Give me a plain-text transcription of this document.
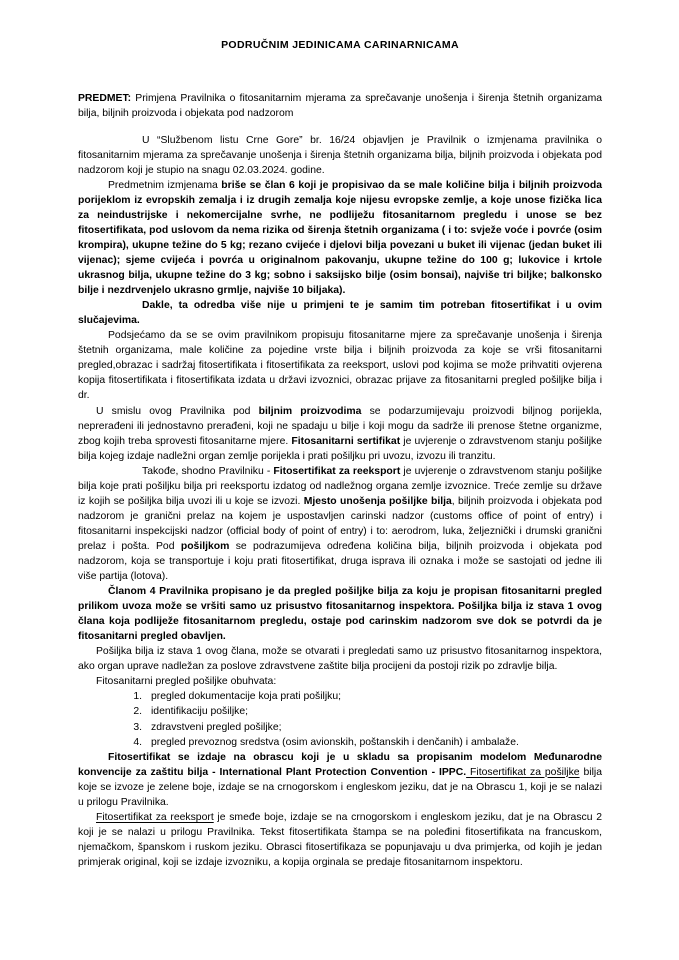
PODRUČNIM JEDINICAMA CARINARNICAMA

PREDMET: Primjena Pravilnika o fitosanitarnim mjerama za sprečavanje unošenja i širenja štetnih organizama bilja, biljnih proizvoda i objekata pod nadzorom

U “Službenom listu Crne Gore” br. 16/24 objavljen je Pravilnik o izmjenama pravilnika o fitosanitarnim mjerama za sprečavanje unošenja i širenja štetnih organizama bilja, biljnih proizvoda i objekata pod nadzorom koji je stupio na snagu 02.03.2024. godine.

Predmetnim izmjenama briše se član 6 koji je propisivao da se male količine bilja i biljnih proizvoda porijeklom iz evropskih zemalja i iz drugih zemalja koje nijesu evropske zemlje, a koje unose fizička lica za neindustrijske i nekomercijalne svrhe, ne podliježu fitosanitarnom pregledu i unose se bez fitosertifikata, pod uslovom da nema rizika od širenja štetnih organizama ( i to: svježe voće i povrće (osim krompira), ukupne težine do 5 kg; rezano cvijeće i djelovi bilja povezani u buket ili vijenac (jedan buket ili vijenac); sjeme cvijeća i povrća u originalnom pakovanju, ukupne težine do 100 g; lukovice i krtole ukrasnog bilja, ukupne težine do 3 kg; sobno i saksijsko bilje (osim bonsai), najviše tri biljke; balkonsko bilje i nezdrvenjelo ukrasno grmlje, najviše 10 biljaka).

Dakle, ta odredba više nije u primjeni te je samim tim potreban fitosertifikat i u ovim slučajevima.

Podsjećamo da se se ovim pravilnikom propisuju fitosanitarne mjere za sprečavanje unošenja i širenja štetnih organizama, male količine za pojedine vrste bilja i biljnih proizvoda za koje se vrši fitosanitarni pregled,obrazac i sadržaj fitosertifikata i fitosertifikata za reeksport, uslovi pod kojima se može prihvatiti ovjerena kopija fitosertifikata i fitosertifikata izdata u državi izvoznici, obrazac prijave za fitosanitarni pregled pošiljke bilja i dr.

U smislu ovog Pravilnika pod biljnim proizvodima se podarzumijevaju proizvodi biljnog porijekla, neprerađeni ili jednostavno prerađeni, koji ne spadaju u bilje i koji mogu da sadrže ili prenose štetne organizme, zbog kojih treba sprovesti fitosanitarne mjere. Fitosanitarni sertifikat je uvjerenje o zdravstvenom stanju pošiljke bilja kojeg izdaje nadležni organ zemlje porijekla i prati pošiljku pri uvozu, izvozu ili tranzitu.

Takođe, shodno Pravilniku - Fitosertifikat za reeksport je uvjerenje o zdravstvenom stanju pošiljke bilja koje prati pošiljku bilja pri reeksportu izdatog od nadležnog organa zemlje izvoznice. Treće zemlje su države iz kojih se pošiljka bilja uvozi ili u koje se izvozi. Mjesto unošenja pošiljke bilja, biljnih proizvoda i objekata pod nadzorom je granični prelaz na kojem je uspostavljen carinski nadzor (customs office of point of entry) i fitosanitarni inspekcijski nadzor (official body of point of entry) i to: aerodrom, luka, željeznički i drumski granični prelaz i pošta. Pod pošiljkom se podrazumijeva određena količina bilja, biljnih proizvoda i objekata pod nadzorom, koja se transportuje i koju prati fitosertifikat, druga isprava ili oznaka i može se sastojati od jedne ili više partija (lotova).

Članom 4 Pravilnika propisano je da pregled pošiljke bilja za koju je propisan fitosanitarni pregled prilikom uvoza može se vršiti samo uz prisustvo fitosanitarnog inspektora. Pošiljka bilja iz stava 1 ovog člana koja podliježe fitosanitarnom pregledu, ostaje pod carinskim nadzorom sve dok se potvrdi da je fitosanitarni pregled obavljen.

Pošiljka bilja iz stava 1 ovog člana, može se otvarati i pregledati samo uz prisustvo fitosanitarnog inspektora, ako organ uprave nadležan za poslove zdravstvene zaštite bilja procijeni da postoji rizik po zdravlje bilja.

Fitosanitarni pregled pošiljke obuhvata:

1. pregled dokumentacije koja prati pošiljku;
2. identifikaciju pošiljke;
3. zdravstveni pregled pošiljke;
4. pregled prevoznog sredstva (osim avionskih, poštanskih i denčanih) i ambalaže.

Fitosertifikat se izdaje na obrascu koji je u skladu sa propisanim modelom Međunarodne konvencije za zaštitu bilja - International Plant Protection Convention - IPPC. Fitosertifikat za pošiljke bilja koje se izvoze je zelene boje, izdaje se na crnogorskom i engleskom jeziku, dat je na Obrascu 1, koji je se nalazi u prilogu Pravilnika.

Fitosertifikat za reeksport je smeđe boje, izdaje se na crnogorskom i engleskom jeziku, dat je na Obrascu 2 koji je se nalazi u prilogu Pravilnika. Tekst fitosertifikata štampa se na poleđini fitosertifikata na francuskom, njemačkom, španskom i ruskom jeziku. Obrasci fitosertifikaza se popunjavaju u dva primjerka, od kojih je jedan primjerak original, koji se izdaje izvozniku, a kopija orginala se predaje fitosanitarnom inspektoru.
